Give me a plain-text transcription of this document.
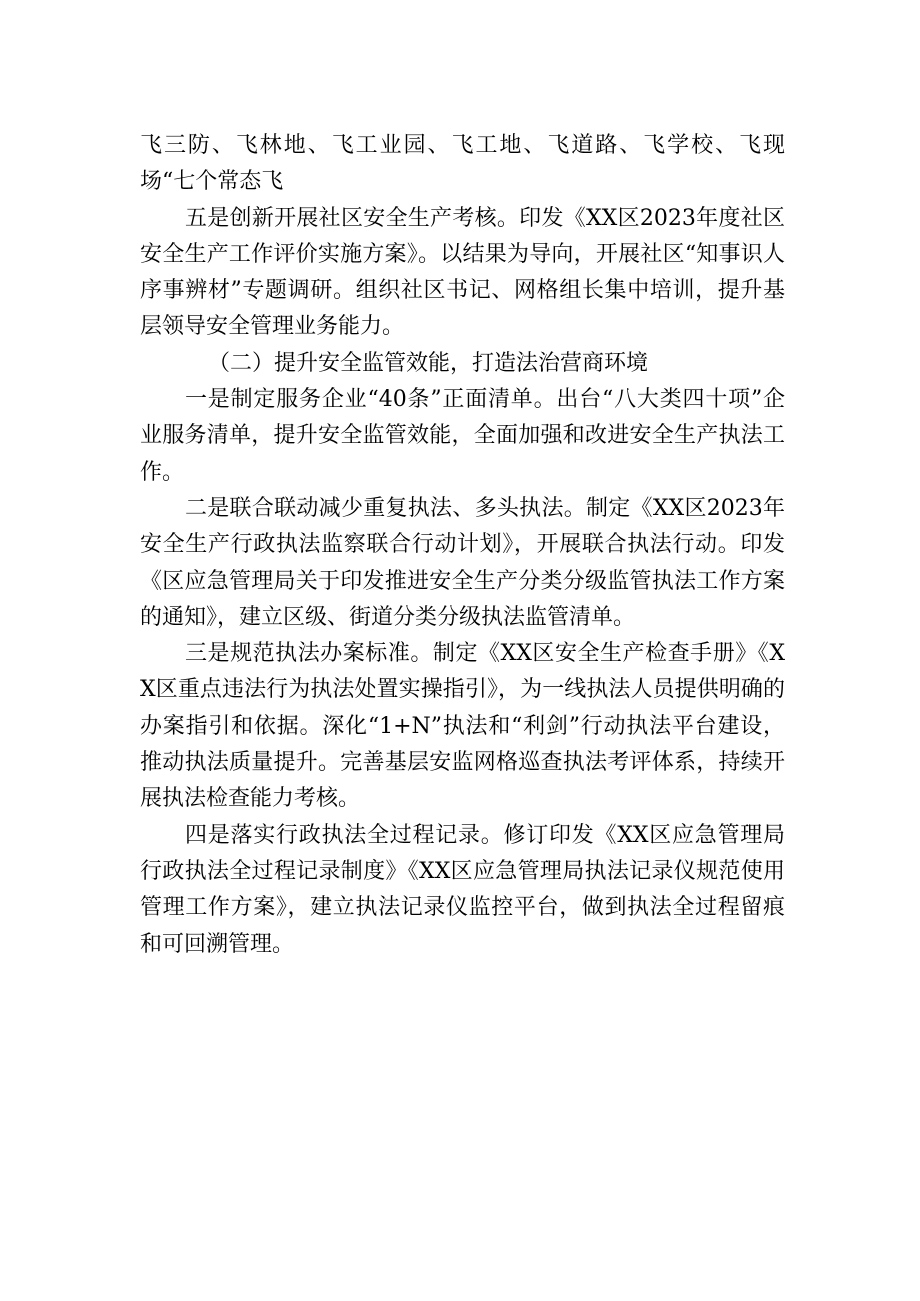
飞三防、飞林地、飞工业园、飞工地、飞道路、飞学校、飞现场“七个常态飞

五是创新开展社区安全生产考核。印发《XX区2023年度社区安全生产工作评价实施方案》。以结果为导向，开展社区“知事识人序事辨材”专题调研。组织社区书记、网格组长集中培训，提升基层领导安全管理业务能力。

（二）提升安全监管效能，打造法治营商环境

一是制定服务企业“40条”正面清单。出台“八大类四十项”企业服务清单，提升安全监管效能，全面加强和改进安全生产执法工作。

二是联合联动减少重复执法、多头执法。制定《XX区2023年安全生产行政执法监察联合行动计划》，开展联合执法行动。印发《区应急管理局关于印发推进安全生产分类分级监管执法工作方案的通知》，建立区级、街道分类分级执法监管清单。

三是规范执法办案标准。制定《XX区安全生产检查手册》《XX区重点违法行为执法处置实操指引》，为一线执法人员提供明确的办案指引和依据。深化“1+N”执法和“利剑”行动执法平台建设，推动执法质量提升。完善基层安监网格巡查执法考评体系，持续开展执法检查能力考核。

四是落实行政执法全过程记录。修订印发《XX区应急管理局行政执法全过程记录制度》《XX区应急管理局执法记录仪规范使用管理工作方案》，建立执法记录仪监控平台，做到执法全过程留痕和可回溯管理。
